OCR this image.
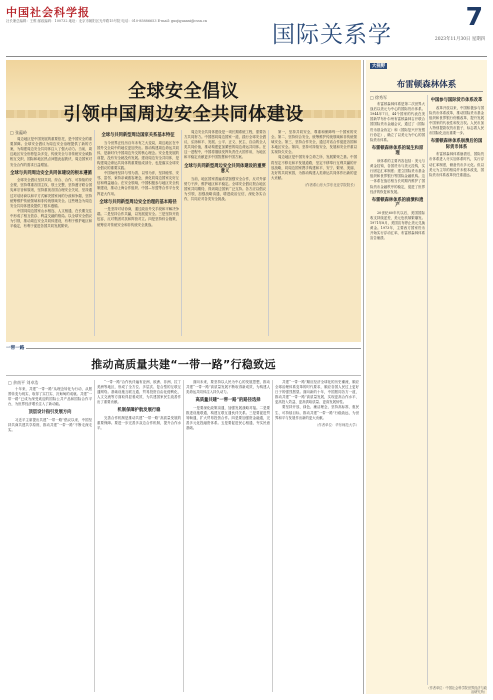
中国社会科学报
社长兼总编辑：王维 邮政编码：100732 地址：北京市朝阳区光华路15号院 电话：010-85886653 E-mail: guojiguanxi@cssn.cn
国际关系学
7
2023年11月30日 星期四
全球安全倡议
引领中国周边安全共同体建设
□ 张蕴岭

周边地区是中国发展的重要依托，是中国安全的重要屏障。全球安全倡议为周边安全治理提供了新的方案，为构建周边安全共同体注入了强大动力。当前，周边地区安全形势复杂多变，传统安全与非传统安全威胁相互交织，国际和地区热点问题此起彼伏，周边国家对安全合作的需求日益增加。

全球与共同周边安全共同体建设的根本遵循

全球安全倡议坚持共同、综合、合作、可持续的安全观，坚持尊重各国主权、领土完整，坚持遵守联合国宪章宗旨和原则，坚持重视各国合理安全关切，坚持通过对话协商以和平方式解决国家间的分歧和争端，坚持统筹维护传统领域和非传统领域安全。这些理念为周边安全共同体建设提供了根本遵循。

中国同周边国家山水相连、人文相通，在长期交往中形成了相互依存、利益交融的格局。以全球安全倡议为引领，推动周边安全共同体建设，有利于维护地区和平稳定，有利于促进各国共同发展繁荣。

全球与共同新型周边国家关系基本特征

当今世界正经历百年未有之大变局，周边地区在中国外交全局中的地位更加突出。推动构建周边命运共同体，是新时代中国周边外交的核心理念。安全是发展的前提，没有安全就没有发展。建设周边安全共同体，是构建周边命运共同体的重要组成部分，也是落实全球安全倡议的重要实践。

中国始终坚持与邻为善、以邻为伴，坚持睦邻、安邻、富邻，秉持亲诚惠容理念，深化同周边国家友好互信和利益融合。在安全领域，中国积极参与地区安全机制建设，推动上海合作组织、中国—东盟等合作平台发挥更大作用。

全球与共同新型周边安全治理的基本路径

一是坚持对话协商，通过政治外交手段和平解决争端。二是坚持合作共赢，以发展促安全。三是坚持开放包容，反对集团对抗和阵营对立。四是坚持综合施策，统筹应对传统安全和非传统安全挑战。

周边安全共同体建设是一项长期系统工程，需要各方共同努力。中国愿同周边国家一道，践行全球安全倡议，弘扬和平、发展、公平、正义、民主、自由的全人类共同价值，推动构建更加紧密的周边命运共同体。在这一进程中，中国将继续发挥负责任大国作用，为地区和平稳定贡献更多中国智慧和中国方案。

全球与共同新型周边安全共同体建设的重要意义

当前，地区国家普遍希望加强安全合作，反对外部势力干涉，维护地区和平稳定。全球安全倡议契合地区国家共同期待，得到周边国家广泛支持。各方应以倡议为引领，加强战略沟通，增进政治互信，深化务实合作，共同应对各类安全挑战。

第一，坚持共同安全，尊重和保障每一个国家的安全。第二，坚持综合安全，统筹维护传统领域和非传统领域安全。第三，坚持合作安全，通过对话合作促进各国和本地区安全。第四，坚持可持续安全，发展和安全并重以实现持久安全。

周边地区是中国安身立命之所、发展繁荣之基。中国将坚定不移走和平发展道路，坚定不移奉行互利共赢的开放战略，同周边国家携手构建和平、安宁、繁荣、美丽、友好的共同家园，为推动构建人类命运共同体作出新的更大贡献。

（作者系山东大学东北亚学院院长）
一带一路
推动高质量共建“一带一路”行稳致远
□ 余南平 刘卓浩

十年来，共建“一带一路”从理念转化为行动，从愿景转变为现实，取得了实打实、沉甸甸的成就。共建“一带一路”已成为深受欢迎的国际公共产品和国际合作平台，为世界经济增长注入了新动能。

顶层设计指引发展方向

习近平主席提出共建“一带一路”倡议以来，中国坚持共商共建共享原则，推动共建“一带一路”不断走深走实。

“一带一路”合作伙伴遍布亚洲、欧洲、非洲、拉丁美洲等地区，形成了全方位、多层次、复合型的互联互通网络。基础设施互联互通、贸易投资自由化便利化、人文交流等方面取得显著成效，为共建国家民生改善作出了重要贡献。

机制保障护航发展行稳

完善合作机制是推动共建“一带一路”高质量发展的重要保障。要进一步完善多双边合作机制，提升合作水平。

面向未来，要坚持以人民为中心的发展思想，推动共建“一带一路”高质量发展不断取得新成效，为构建人类命运共同体注入持久动力。

高质量共建“一带一路”的路径选择

一是要深化政策沟通，加强发展战略对接。二是要推进设施联通，构建互联互通伙伴关系。三是要促进贸易畅通，扩大贸易投资合作。四是要加强资金融通，完善多元化投融资体系。五是要促进民心相通，夯实民意基础。

共建“一带一路”顺应经济全球化的历史潮流，顺应全球治理体系变革的时代要求，顺应各国人民过上更好日子的强烈愿望。面向新的十年，中国愿同各方一道，推动共建“一带一路”高质量发展，实现更高合作水平、更高投入效益、更高供给质量、更高发展韧性。

要坚持开放、绿色、廉洁理念，坚持高标准、惠民生、可持续目标，推动共建“一带一路”行稳致远，为世界和平与发展作出新的更大贡献。

（作者单位：华东师范大学）
大视野
布雷顿森林体系
□ 徐秀军

布雷顿森林体系是第二次世界大战后以美元为中心的国际货币体系。1944年7月，44个国家的代表在美国新罕布什尔州布雷顿森林召开联合国国际货币金融会议，通过了《国际货币基金协定》和《国际复兴开发银行协定》，确立了以美元为中心的国际货币体系。

布雷顿森林体系的诞生和原理

该体系的主要内容包括：美元与黄金挂钩，各国货币与美元挂钩，实行固定汇率制度；建立国际货币基金组织和世界银行等国际金融机构。这一体系在战后相当长时期内维护了国际货币金融秩序的稳定，促进了世界经济的恢复和发展。

布雷顿森林体系的崩溃和遗产

20世纪60年代以后，美国国际收支持续逆差，美元危机频繁爆发。1971年8月，美国宣布停止美元兑换黄金。1973年，主要西方国家货币开始实行浮动汇率，布雷顿森林体系宣告崩溃。

中国参与国际货币体系改革

改革开放以来，中国积极参与国际货币体系改革，推动国际货币基金组织和世界银行份额改革，提升发展中国家的代表性和发言权。人民币加入特别提款权货币篮子，标志着人民币国际化迈出重要一步。

布雷顿森林体系崩溃后的国际货币体系

布雷顿森林体系崩溃后，国际货币体系进入牙买加体系时代，实行浮动汇率制度，储备货币多元化。但以美元为主导的格局并未根本改变，国际货币体系改革仍任重道远。

（作者单位：中国社会科学院世界经济与政治研究所）
